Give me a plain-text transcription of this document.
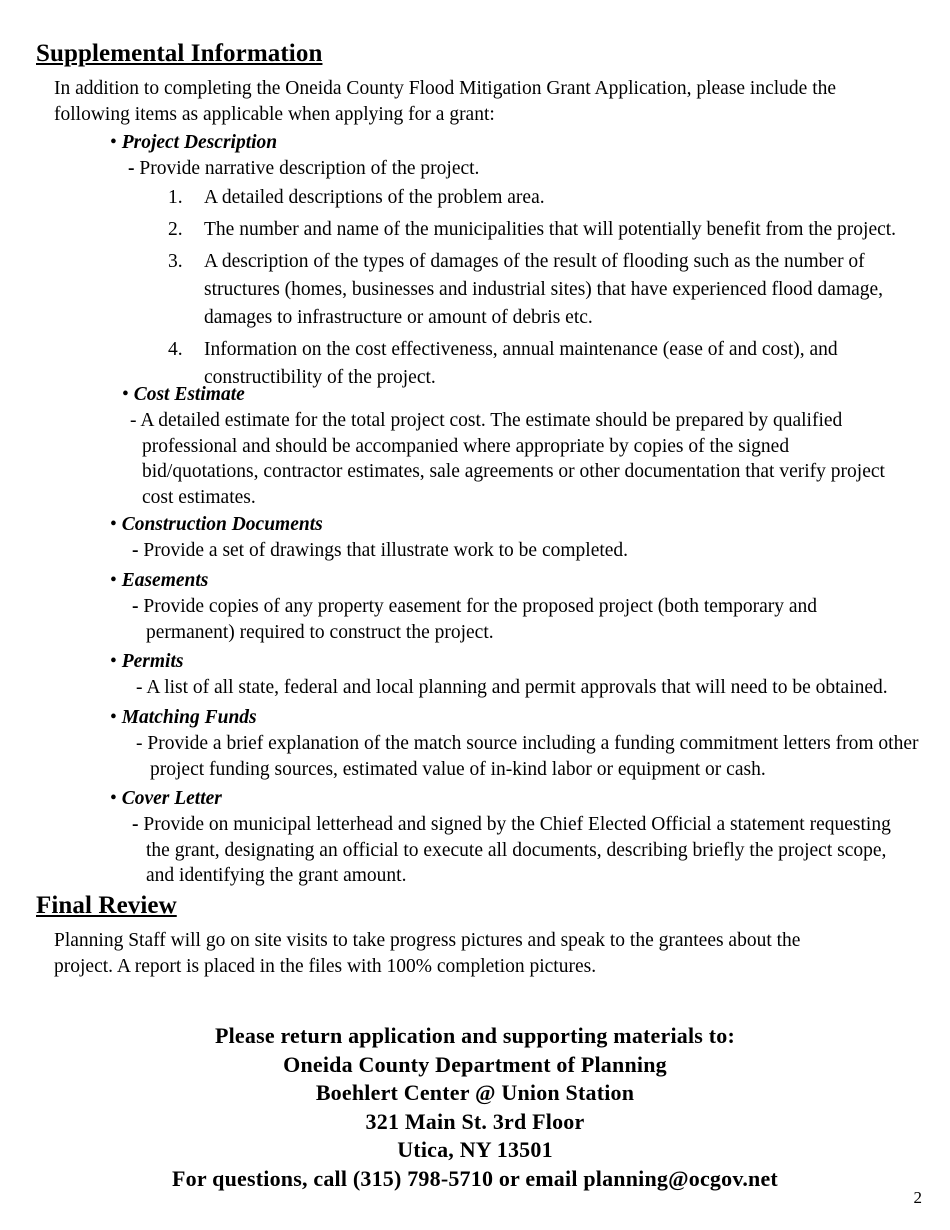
Supplemental Information
In addition to completing the Oneida County Flood Mitigation Grant Application, please include the following items as applicable when applying for a grant:
• Project Description
- Provide narrative description of the project.
1. A detailed descriptions of the problem area.
2. The number and name of the municipalities that will potentially benefit from the project.
3. A description of the types of damages of the result of flooding such as the number of structures (homes, businesses and industrial sites) that have experienced flood damage, damages to infrastructure or amount of debris etc.
4. Information on the cost effectiveness, annual maintenance (ease of and cost), and constructibility of the project.
• Cost Estimate
- A detailed estimate for the total project cost. The estimate should be prepared by qualified professional and should be accompanied where appropriate by copies of the signed bid/quotations, contractor estimates, sale agreements or other documentation that verify project cost estimates.
• Construction Documents
- Provide a set of drawings that illustrate work to be completed.
• Easements
- Provide copies of any property easement for the proposed project (both temporary and permanent) required to construct the project.
• Permits
- A list of all state, federal and local planning and permit approvals that will need to be obtained.
• Matching Funds
- Provide a brief explanation of the match source including a funding commitment letters from other project funding sources, estimated value of in-kind labor or equipment or cash.
• Cover Letter
- Provide on municipal letterhead and signed by the Chief Elected Official a statement requesting the grant, designating an official to execute all documents, describing briefly the project scope, and identifying the grant amount.
Final Review
Planning Staff will go on site visits to take progress pictures and speak to the grantees about the project. A report is placed in the files with 100% completion pictures.
Please return application and supporting materials to:
Oneida County Department of Planning
Boehlert Center @ Union Station
321 Main St. 3rd Floor
Utica, NY 13501
For questions, call (315) 798-5710 or email planning@ocgov.net
2
